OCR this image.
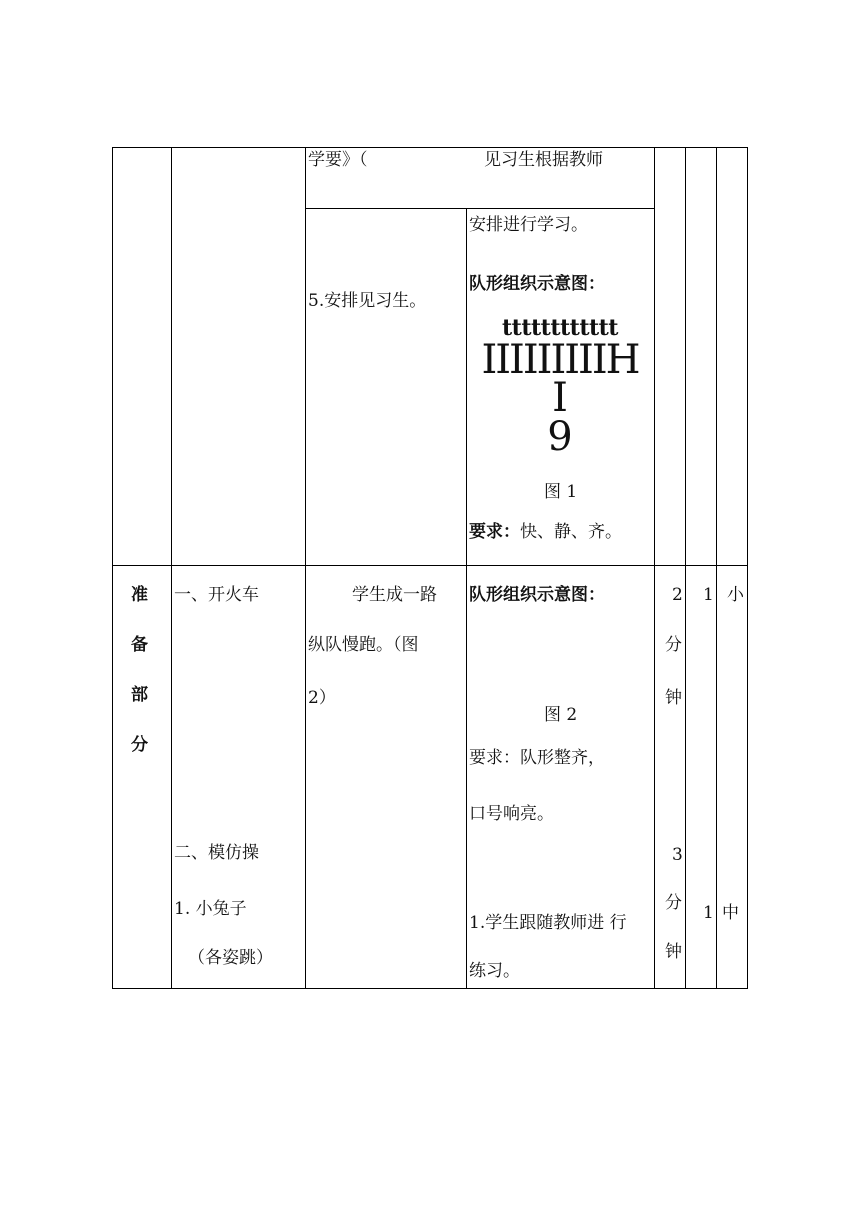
学要》（	见习生根据教师
安排进行学习。
5.安排见习生。
队形组织示意图：
tttttttttttt
IIIIIIIIIH
I
9
图 1
要求：快、静、齐。
准
备
部
分
一、开火车	学生成一路
纵队慢跑。（图
2）
队形组织示意图：
图 2
要求：队形整齐，
口号响亮。
2
分
钟
1 小
二、模仿操
1. 小兔子
（各姿跳）
1.学生跟随教师进 行
练习。
3
分
钟
1 中
